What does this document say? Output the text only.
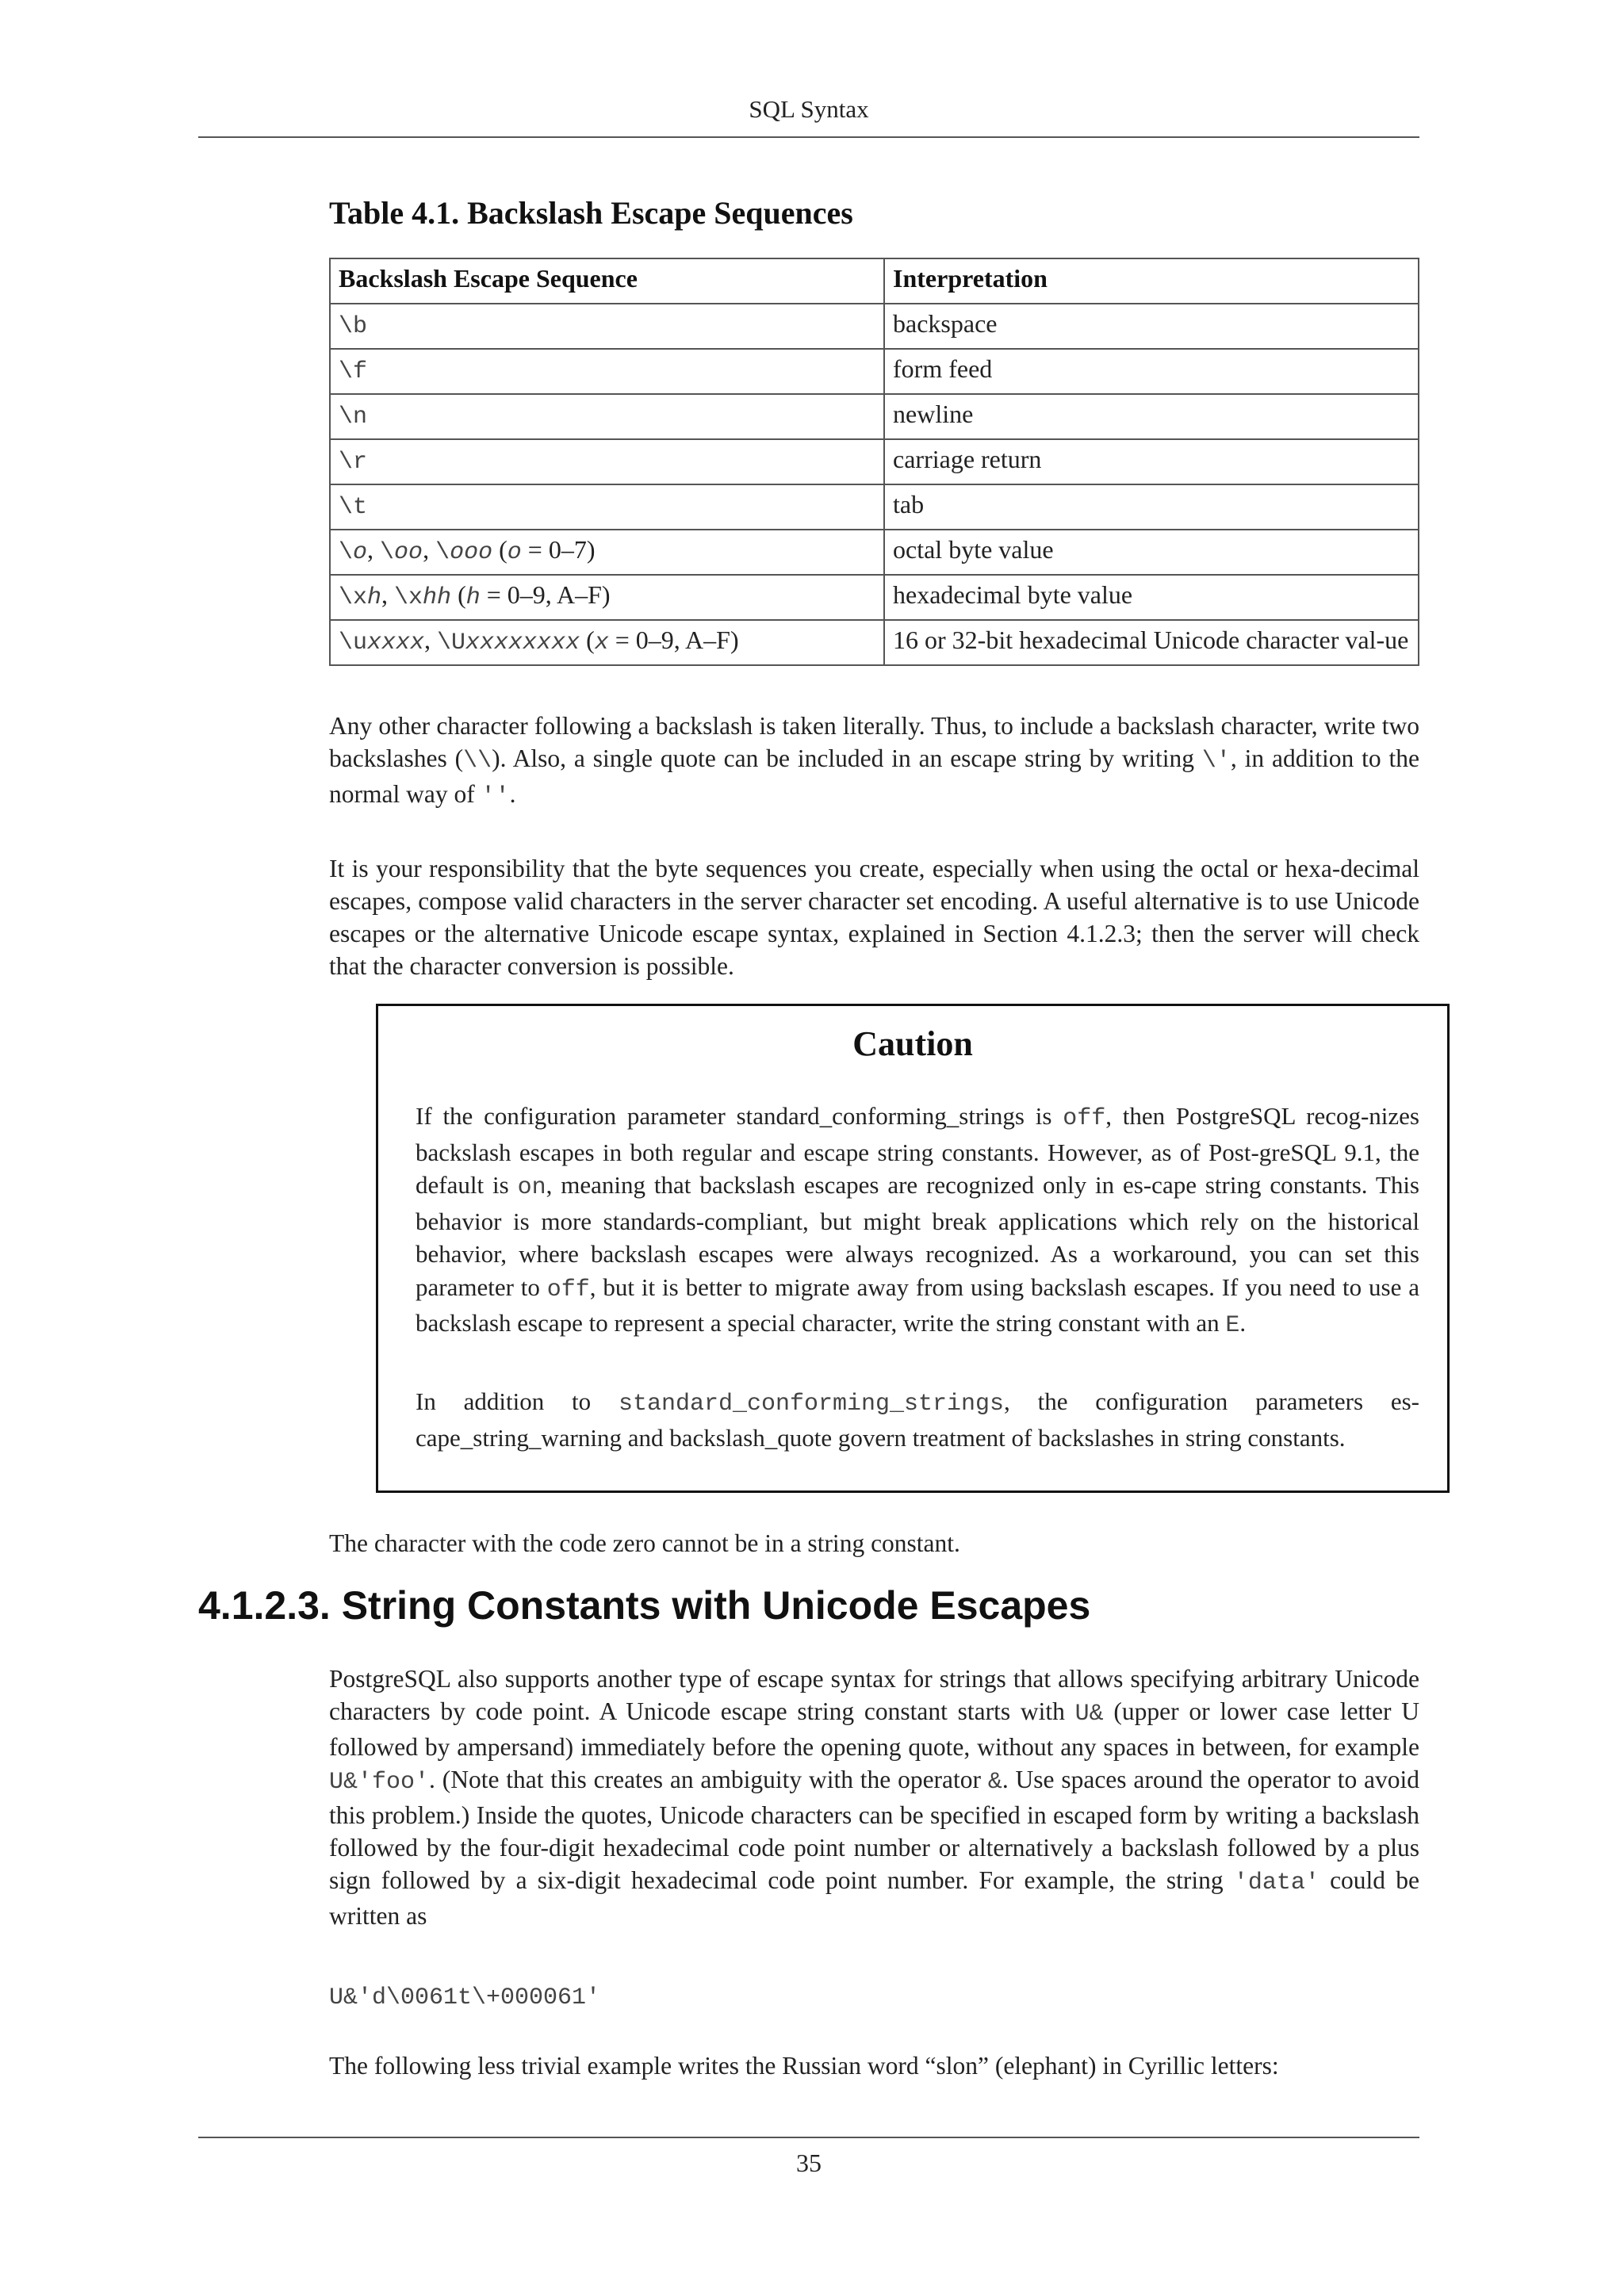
SQL Syntax
Table 4.1. Backslash Escape Sequences
Backslash Escape Sequence	Interpretation
\b	backspace
\f	form feed
\n	newline
\r	carriage return
\t	tab
\o, \oo, \ooo (o = 0–7)	octal byte value
\xh, \xhh (h = 0–9, A–F)	hexadecimal byte value
\uxxxx, \Uxxxxxxxx (x = 0–9, A–F)	16 or 32-bit hexadecimal Unicode character val-ue

Any other character following a backslash is taken literally. Thus, to include a backslash character, write two backslashes (\\). Also, a single quote can be included in an escape string by writing \', in addition to the normal way of ''.

It is your responsibility that the byte sequences you create, especially when using the octal or hexa-decimal escapes, compose valid characters in the server character set encoding. A useful alternative is to use Unicode escapes or the alternative Unicode escape syntax, explained in Section 4.1.2.3; then the server will check that the character conversion is possible.

Caution

If the configuration parameter standard_conforming_strings is off, then PostgreSQL recog-nizes backslash escapes in both regular and escape string constants. However, as of Post-greSQL 9.1, the default is on, meaning that backslash escapes are recognized only in es-cape string constants. This behavior is more standards-compliant, but might break applications which rely on the historical behavior, where backslash escapes were always recognized. As a workaround, you can set this parameter to off, but it is better to migrate away from using backslash escapes. If you need to use a backslash escape to represent a special character, write the string constant with an E.

In addition to standard_conforming_strings, the configuration parameters es-cape_string_warning and backslash_quote govern treatment of backslashes in string constants.

The character with the code zero cannot be in a string constant.

4.1.2.3. String Constants with Unicode Escapes

PostgreSQL also supports another type of escape syntax for strings that allows specifying arbitrary Unicode characters by code point. A Unicode escape string constant starts with U& (upper or lower case letter U followed by ampersand) immediately before the opening quote, without any spaces in between, for example U&'foo'. (Note that this creates an ambiguity with the operator &. Use spaces around the operator to avoid this problem.) Inside the quotes, Unicode characters can be specified in escaped form by writing a backslash followed by the four-digit hexadecimal code point number or alternatively a backslash followed by a plus sign followed by a six-digit hexadecimal code point number. For example, the string 'data' could be written as

U&'d\0061t\+000061'

The following less trivial example writes the Russian word “slon” (elephant) in Cyrillic letters:

35
